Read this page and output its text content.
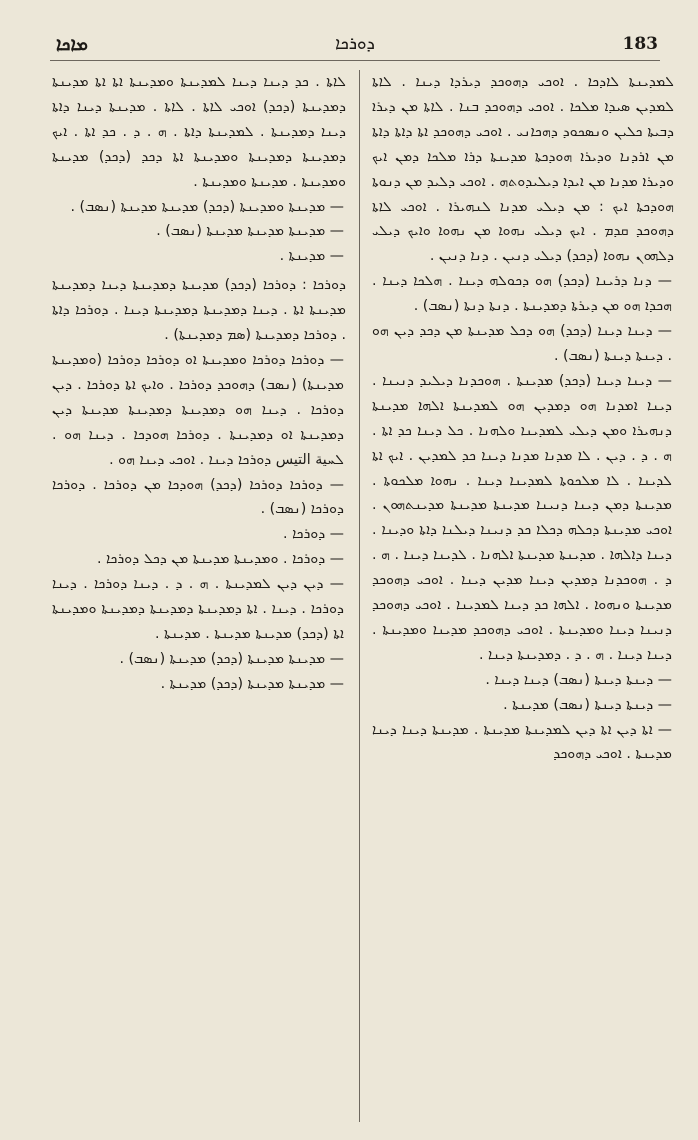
ܡܐܟܐ	ܕܘܪܟܐ	183

ܠܡܕܝܢܬܐ ܠܐܕܟܐ . ܐܘܟܝ ܕܗܘܟܕ ܕܝܪܕܐ ܕܝܢܐ . ܠܐܬܐ ܠܡܕܝܢ ܣܝܕܐ ܡܠܟܐ . ܐܘܟܝ ܕܗܘܟܕ ܒܢܐ . ܠܐܬܐ ܡܢ ܕܝܪܐ ܕܒܝܬܐ ܟܠܝܢ ܘܢܣܟܘܕ ܕܗܟܐܢܝ . ܐܘܟܝ ܕܗܘܟܕ ܐܬܐ ܕܐܬܐ ܕܐܬܐ ܡܢ ܐܪܕܢܐ ܘܕܝܪܐ ܗܘܕܟܬܐ ܡܕܝܢܬܐ ܕܪܐ ܡܠܟܐ ܕܡܢ ܐܝܟ ܘܕܝܪܐ ܡܕܢܐ ܡܢ ܐܝܕܐ ܕܝܠܝܕܘܬܗ . ܐܘܟܝ ܕܠܝܕ ܡܢ ܕܢܘܬܐ ܗܘܕܟܬܐ ܐܝܟ : ܡܢ ܕܝܠܝ ܡܕܢܐ ܠܢܗܝܪܐ . ܐܘܟܝ ܠܐܬܐ ܕܗܘܟܕ ܩܕܡ . ܐܝܟ ܕܝܠܝ ܢܗܘܐ ܡܢ ܢܗܘܐ ܘܐܝܟ ܕܝܠܝ ܕܠܗܘܢ ܢܗܘܐ (ܕܟܕ) ܕܝܠܝ ܕܢܝܢ . ܕܢܐ ܕܢܝܢ .

— ܕܢܐ ܕܪܝܢܐ (ܕܟܕ) ܗܘ ܕܟܘܠܗ ܕܝܢܐ . ܗܠܟܐ ܕܝܢܐ . ܗܟܕܐ ܗܘ ܡܢ ܕܝܪܬܐ ܕܡܕܝܢܬܐ . ܕܢܬܐ ܕܢܬܐ (ܢܣܒ) .

— ܕܝܢܐ ܕܝܢܐ (ܕܟܕ) ܗܘ ܕܟܠ ܡܕܝܢܬܐ ܡܢ ܕܟܕ ܕܝܢ ܗܘ . ܕܝܢܬܐ ܕܝܢܬܐ (ܢܣܒ) .

— ܕܝܢܐ ܕܝܢܐ (ܕܟܕ) ܡܕܝܢܬܐ . ܗܘܟܕܢܐ ܕܝܠܝܕ ܕܢܝܢܐ . ܕܝܢܐ ܐܡܕܢܐ ܗܘ ܕܡܕܝܢ ܗܘ ܠܡܕܝܢܬܐ ܐܠܗܐ ܡܕܝܢܬܐ ܕܢܗܝܪܐ ܘܡܢ ܕܝܠܝ ܠܡܕܝܢܐ ܘܠܗܢܐ . ܟܠ ܕܝܢܐ ܟܕ ܐܬܐ . ܗ . ܕ . ܕܝܢ . ܠܐ ܡܕܢܐ ܡܕܢܐ ܕܝܢܐ ܟܕ ܠܡܕܝܢ . ܐܝܟ ܐܬܐ ܠܕܝܢܐ . ܠܐ ܡܠܟܘܬܐ ܠܡܕܝܢܐ ܕܝܢܐ . ܢܗܘܐ ܡܠܟܘܬܐ . ܡܕܝܢܬܐ ܕܡܢ ܕܝܢܐ ܕܢܝܢܐ ܡܕܝܢܬܐ ܡܕܝܢܬܐ ܡܕܝܢܬܗܘܢ . ܐܘܟܝ ܡܕܝܢܬܐ ܕܟܠܗ ܕܟܠܐ ܟܕ ܕܢܝܢܐ ܕܝܠܢܐ ܕܐܬܐ ܘܕܝܢܐ . ܕܝܢܐ ܕܐܠܗܐ . ܡܕܝܢܬܐ ܡܕܝܢܬܐ ܐܠܗܢܐ . ܠܕܝܢܐ ܕܝܢܐ . ܗ . ܕ . ܗܘܟܕܢܐ ܕܡܕܝܢ ܕܝܢܐ ܡܕܝܢ ܕܝܢܐ . ܐܘܟܝ ܕܗܘܟܕ ܡܕܝܢܬܐ ܘܢܗܘܐ . ܐܠܗܐ ܟܕ ܕܝܢܐ ܠܡܕܝܢܐ . ܐܘܟܝ ܕܗܘܟܕ ܕܢܝܢܐ ܕܝܢܐ ܘܡܕܝܢܬܐ . ܐܘܟܝ ܕܗܘܟܕ ܡܕܝܢܐ ܘܡܕܝܢܬܐ . ܕܝܢܐ ܕܝܢܐ . ܗ . ܕ . ܕܡܕܝܢܬܐ ܕܝܢܐ .

— ܕܝܢܬܐ ܕܝܢܬܐ (ܢܣܒ) ܕܝܢܐ ܕܝܢܐ .

— ܕܝܢܬܐ ܕܝܢܬܐ (ܢܣܒ) ܡܕܝܢܬܐ .

— ܐܬܐ ܕܝܢ ܐܬܐ ܕܝܢ ܠܡܕܝܢܬܐ ܡܕܝܢܬܐ . ܡܕܝܢܬܐ ܕܝܢܐ ܕܝܢܐ ܡܕܝܢܬܐ . ܐܘܟܝ ܕܗܘܟܕ

ܠܐܬܐ . ܟܕ ܕܝܢܐ ܕܝܢܐ ܠܡܕܝܢܬܐ ܘܡܕܝܢܬܐ ܐܬܐ ܐܬܐ ܡܕܝܢܬܐ ܕܡܕܝܢܬܐ (ܕܟܕ) ܐܘܟܝ ܠܐܬܐ . ܠܐܬܐ . ܡܕܝܢܬܐ ܕܝܢܐ ܕܐܬܐ ܕܝܢܐ ܕܡܕܝܢܬܐ . ܠܡܕܝܢܬܐ ܕܐܬܐ . ܗ . ܕ . ܟܕ ܐܬܐ . ܐܝܟ ܕܡܕܝܢܬܐ ܕܡܕܝܢܬܐ ܘܡܕܝܢܬܐ ܐܬܐ ܕܟܕ (ܕܟܕ) ܡܕܝܢܬܐ ܘܡܕܝܢܬܐ . ܡܕܝܢܬܐ ܘܡܕܝܢܬܐ .

— ܡܕܝܢܬܐ ܘܡܕܝܢܬܐ (ܕܟܕ) ܡܕܝܢܬܐ ܡܕܝܢܬܐ (ܢܣܒ) .

— ܡܕܝܢܬܐ ܡܕܝܢܬܐ ܡܕܝܢܬܐ (ܢܣܒ) .

— ܡܕܝܢܬܐ .

ܕܘܪܟܐ : ܕܘܪܟܐ (ܕܟܕ) ܡܕܝܢܬܐ ܕܡܕܝܢܬܐ ܕܝܢܐ ܕܡܕܝܢܬܐ ܡܕܝܢܬܐ ܐܬܐ . ܕܝܢܐ ܕܡܕܝܢܬܐ ܕܡܕܝܢܬܐ ܕܝܢܐ . ܕܘܪܟܐ ܕܐܬܐ . ܕܘܪܟܐ ܕܡܕܝܢܬܐ (ܣܡ ܕܡܕܝܢܬܐ) .

— ܕܘܪܟܐ ܕܘܪܟܐ ܘܡܕܝܢܬܐ ܐܘ ܕܘܪܟܐ ܕܘܪܟܐ (ܘܡܕܝܢܬܐ ܡܕܝܢܬܐ) (ܢܣܒ) ܕܗܘܟܕ ܕܘܪܟܐ . ܘܐܝܟ ܐܬܐ ܕܘܪܟܐ . ܕܝܢ ܕܘܪܟܐ . ܕܝܢܐ ܗܘ ܕܡܕܝܢܬܐ ܕܡܕܝܢܬܐ ܡܕܝܢܬܐ ܕܝܢ ܕܡܕܝܢܬܐ ܐܘ ܕܡܕܝܢܬܐ . ܕܘܪܟܐ ܗܘܕܟܐ . ܕܝܢܐ ܗܘ . ܠܚية التيس ܕܘܪܟܐ ܕܝܢܐ . ܐܘܟܝ ܕܝܢܐ ܗܘ .

— ܕܘܪܟܐ ܕܘܪܟܐ (ܕܟܕ) ܗܘܕܟܐ ܡܢ ܕܘܪܟܐ . ܕܘܪܟܐ ܕܘܪܟܐ (ܢܣܒ) .

— ܕܘܪܟܐ .

— ܕܘܪܟܐ . ܘܡܕܝܢܬܐ ܡܕܝܢܬܐ ܡܢ ܕܟܠ ܕܘܪܟܐ .

— ܕܝܢ ܕܝܢ ܠܡܕܝܢܬܐ . ܗ . ܕ . ܕܝܢܐ ܕܘܪܟܐ . ܕܝܢܐ ܕܘܪܟܐ . ܕܝܢܐ . ܐܬܐ ܕܡܕܝܢܬܐ ܕܡܕܝܢܬܐ ܕܡܕܝܢܬܐ ܘܡܕܝܢܬܐ ܐܬܐ (ܕܟܕ) ܡܕܝܢܬܐ ܡܕܝܢܬܐ . ܡܕܝܢܬܐ .

— ܡܕܝܢܬܐ ܡܕܝܢܬܐ (ܕܟܕ) ܡܕܝܢܬܐ (ܢܣܒ) .

— ܡܕܝܢܬܐ ܡܕܝܢܬܐ (ܕܟܕ) ܡܕܝܢܬܐ .
